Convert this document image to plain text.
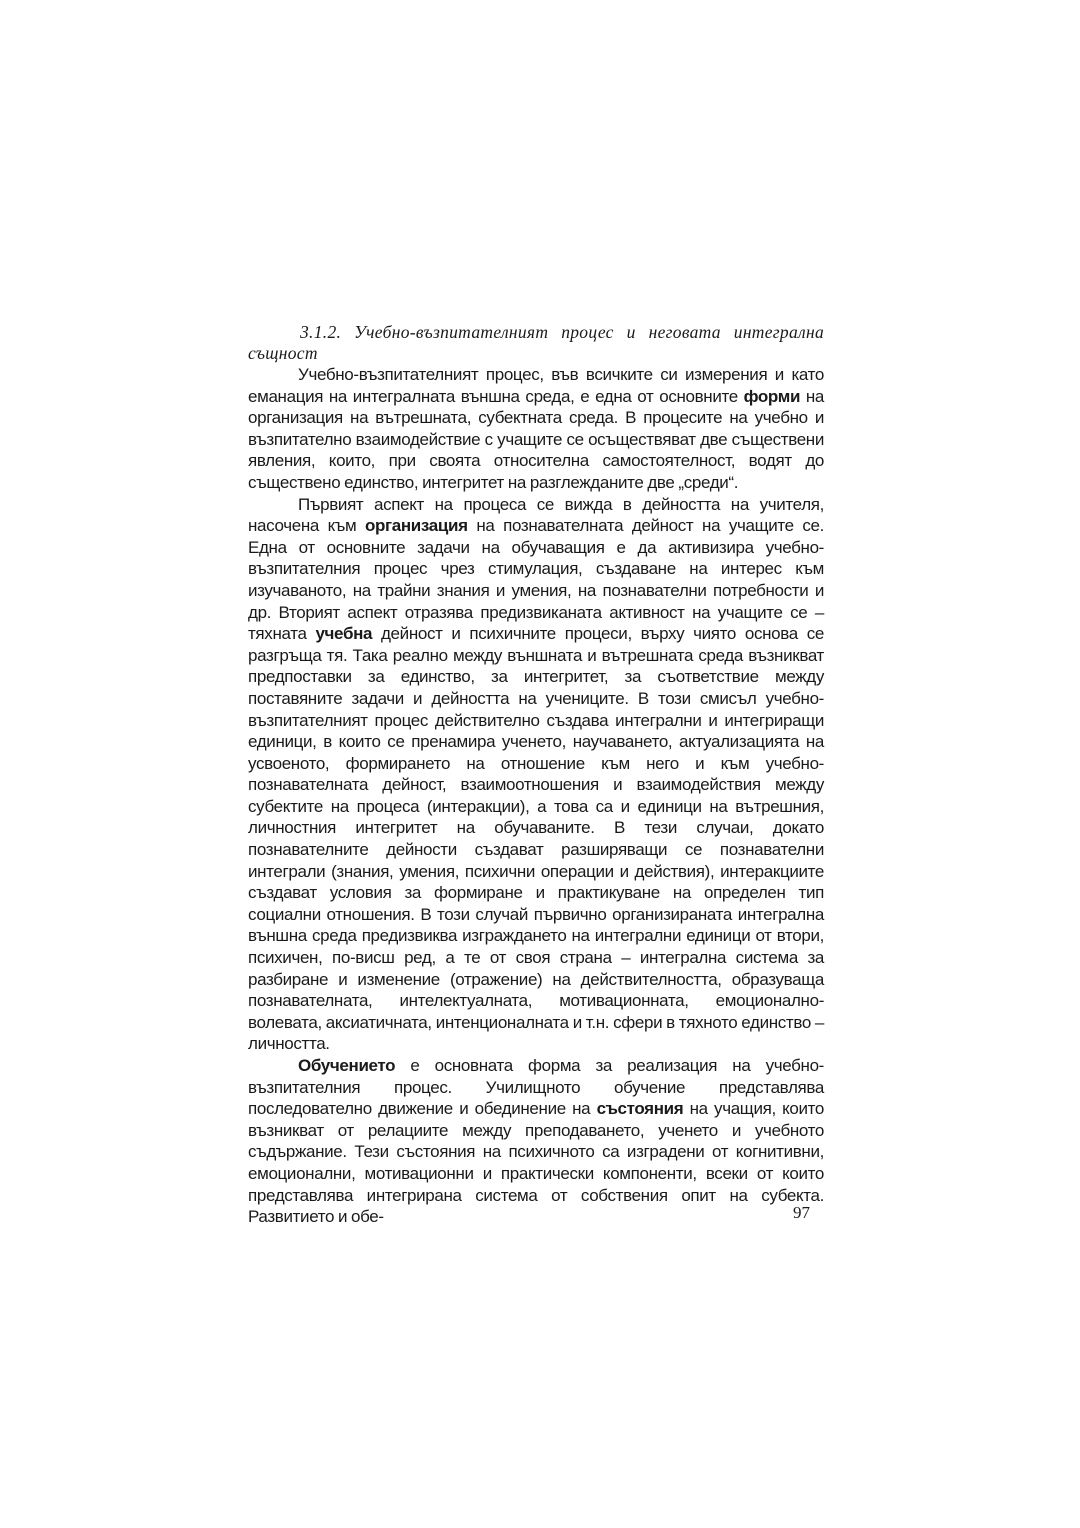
3.1.2. Учебно-възпитателният процес и неговата интегрална същност

Учебно-възпитателният процес, във всичките си измерения и като еманация на интегралната външна среда, е една от основните форми на организация на вътрешната, субектната среда. В процесите на учебно и възпитателно взаимодействие с учащите се осъществяват две съществени явления, които, при своята относителна самостоятелност, водят до съществено единство, интегритет на разглежданите две „среди“.

Първият аспект на процеса се вижда в дейността на учителя, насочена към организация на познавателната дейност на учащите се. Една от основните задачи на обучаващия е да активизира учебно-възпитателния процес чрез стимулация, създаване на интерес към изучаваното, на трайни знания и умения, на познавателни потребности и др. Вторият аспект отразява предизвиканата активност на учащите се – тяхната учебна дейност и психичните процеси, върху чиято основа се разгръща тя. Така реално между външната и вътрешната среда възникват предпоставки за единство, за интегритет, за съответствие между поставяните задачи и дейността на учениците. В този смисъл учебно-възпитателният процес действително създава интегрални и интегриращи единици, в които се пренамира ученето, научаването, актуализацията на усвоеното, формирането на отношение към него и към учебно-познавателната дейност, взаимоотношения и взаимодействия между субектите на процеса (интеракции), а това са и единици на вътрешния, личностния интегритет на обучаваните. В тези случаи, докато познавателните дейности създават разширяващи се познавателни интеграли (знания, умения, психични операции и действия), интеракциите създават условия за формиране и практикуване на определен тип социални отношения. В този случай първично организираната интегрална външна среда предизвиква изграждането на интегрални единици от втори, психичен, по-висш ред, а те от своя страна – интегрална система за разбиране и изменение (отражение) на действителността, образуваща познавателната, интелектуалната, мотивационната, емоционално-волевата, аксиатичната, интенционалната и т.н. сфери в тяхното единство – личността.

Обучението е основната форма за реализация на учебно-възпитателния процес. Училищното обучение представлява последователно движение и обединение на състояния на учащия, които възникват от релациите между преподаването, ученето и учебното съдържание. Тези състояния на психичното са изградени от когнитивни, емоционални, мотивационни и практически компоненти, всеки от които представлява интегрирана система от собствения опит на субекта. Развитието и обе-	97
